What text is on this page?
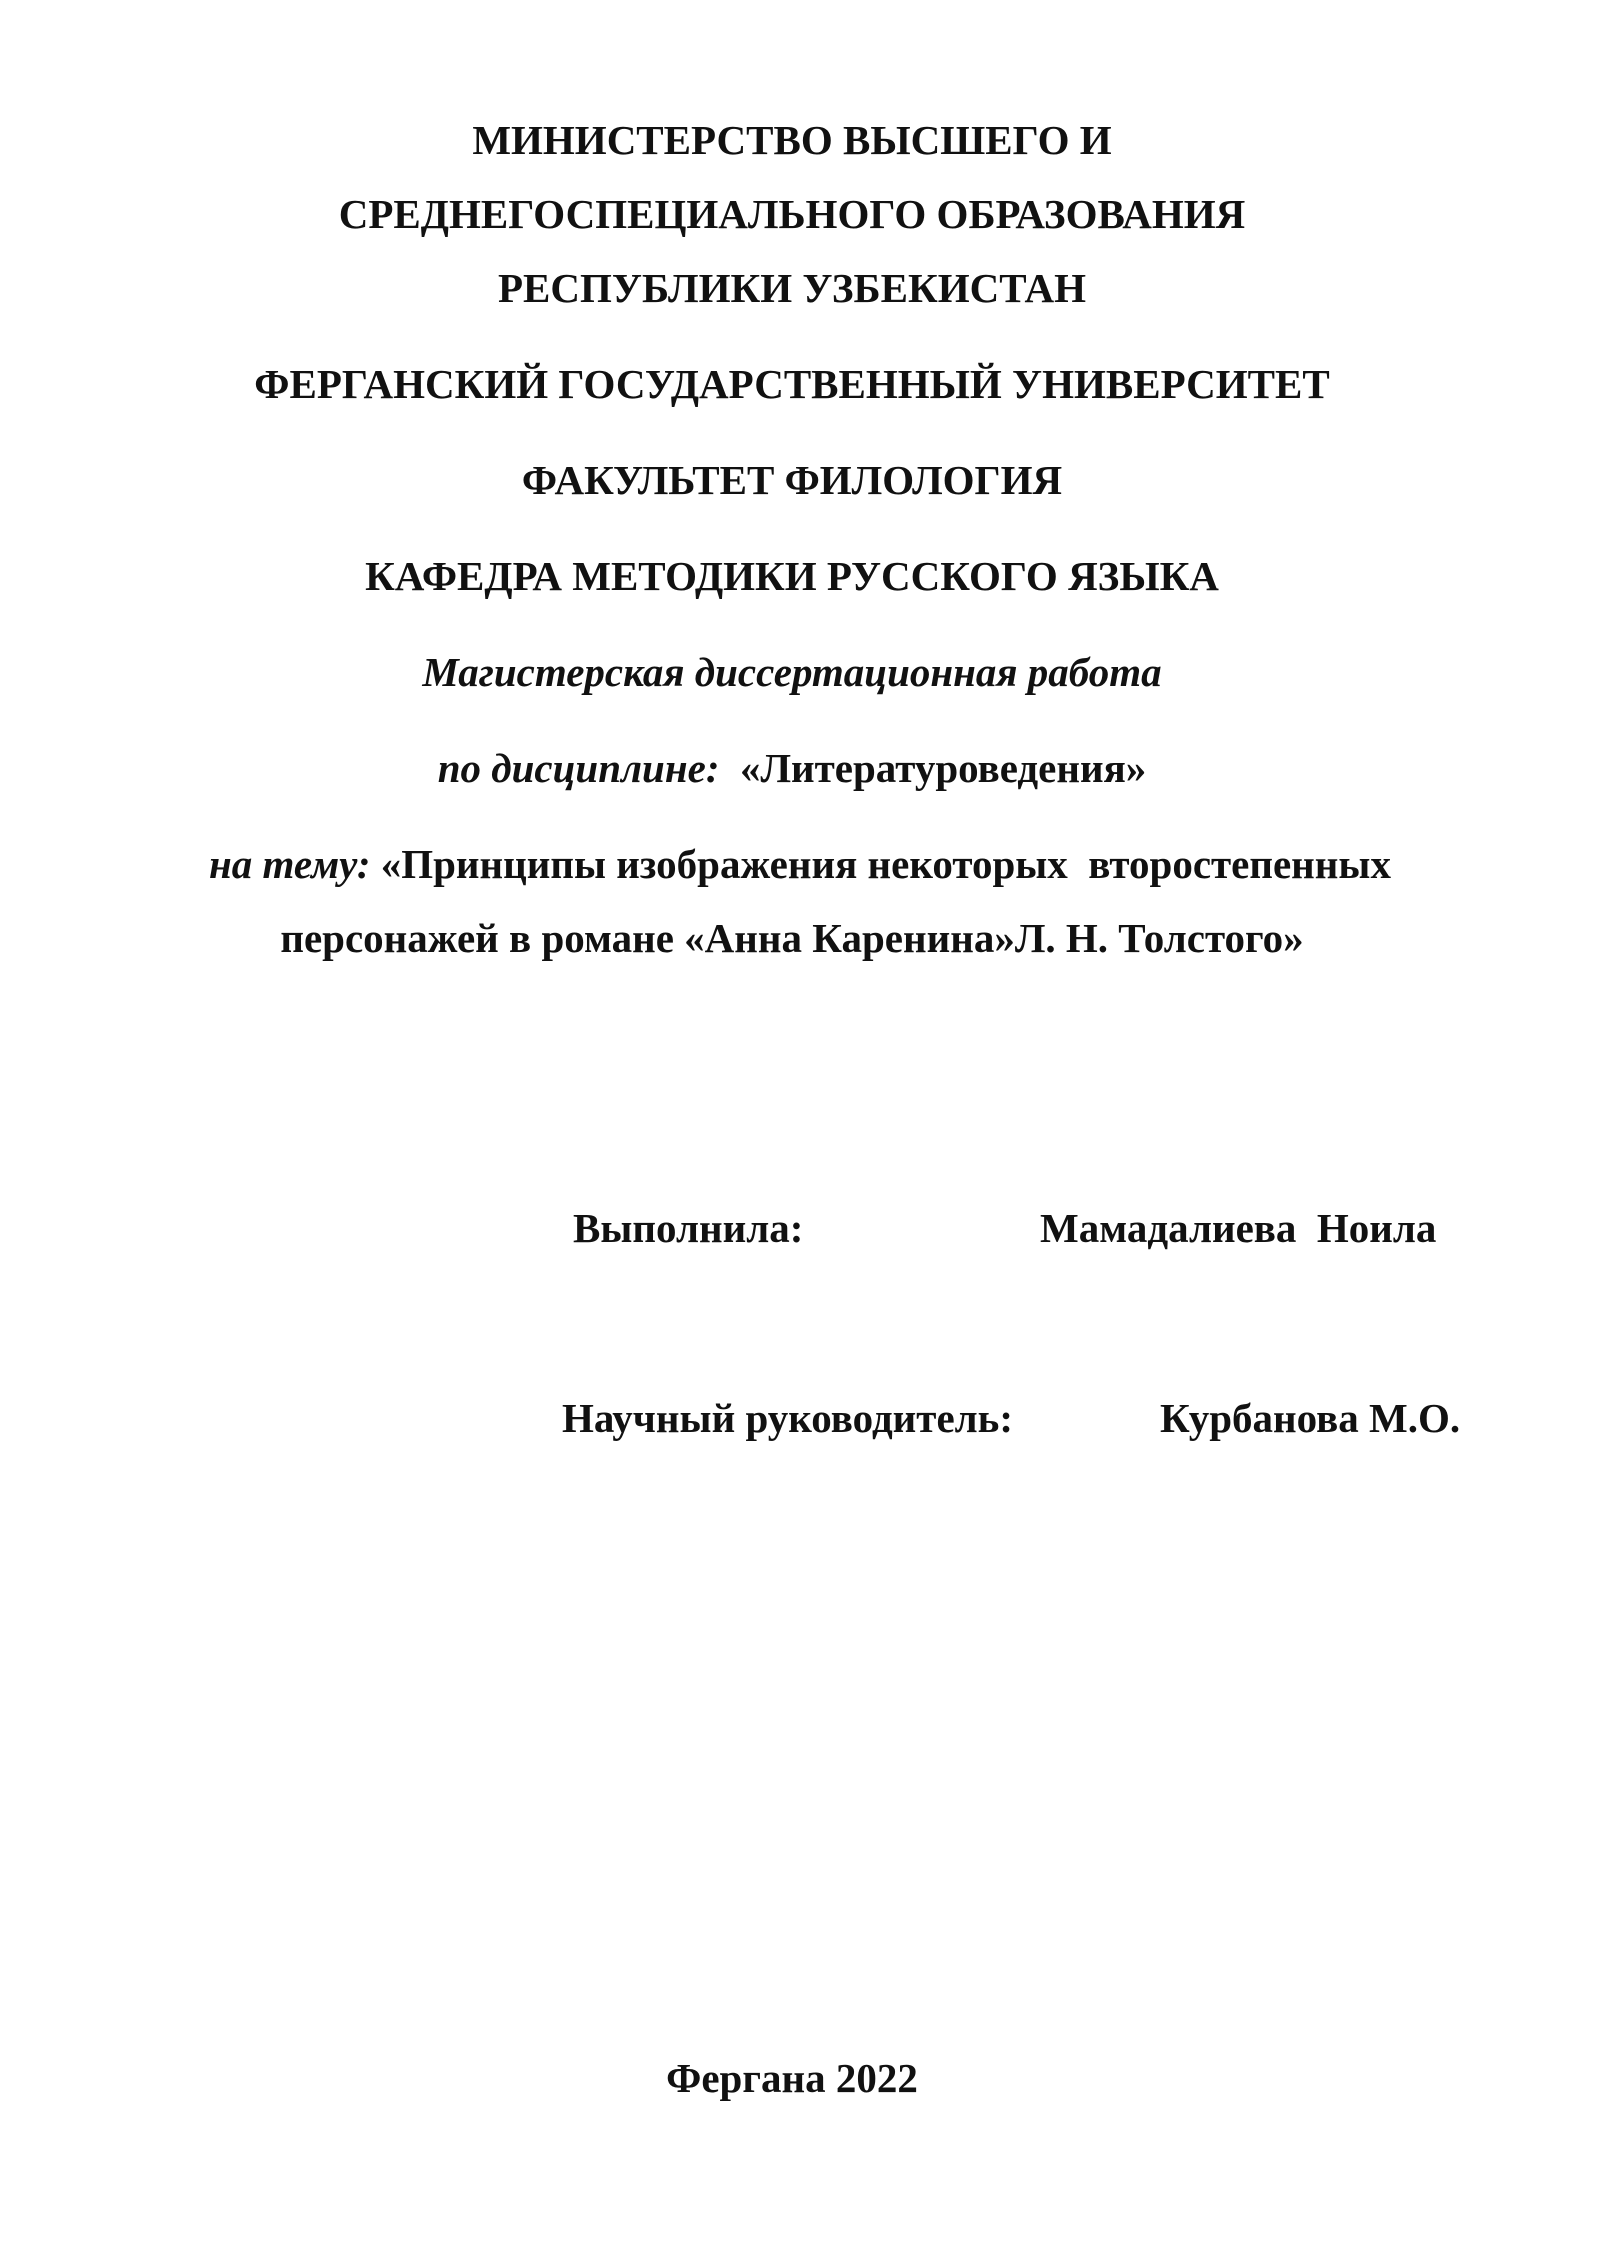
МИНИСТЕРСТВО ВЫСШЕГО И
СРЕДНЕГОСПЕЦИАЛЬНОГО ОБРАЗОВАНИЯ
РЕСПУБЛИКИ УЗБЕКИСТАН
ФЕРГАНСКИЙ ГОСУДАРСТВЕННЫЙ УНИВЕРСИТЕТ
ФАКУЛЬТЕТ ФИЛОЛОГИЯ
КАФЕДРА МЕТОДИКИ РУССКОГО ЯЗЫКА
Магистерская диссертационная работа
по дисциплине: «Литературоведения»
на тему: «Принципы изображения некоторых  второстепенных
персонажей в романе «Анна Каренина»Л. Н. Толстого»
Выполнила:	Мамадалиева  Ноила
Научный руководитель:	Курбанова М.О.
Фергана 2022
